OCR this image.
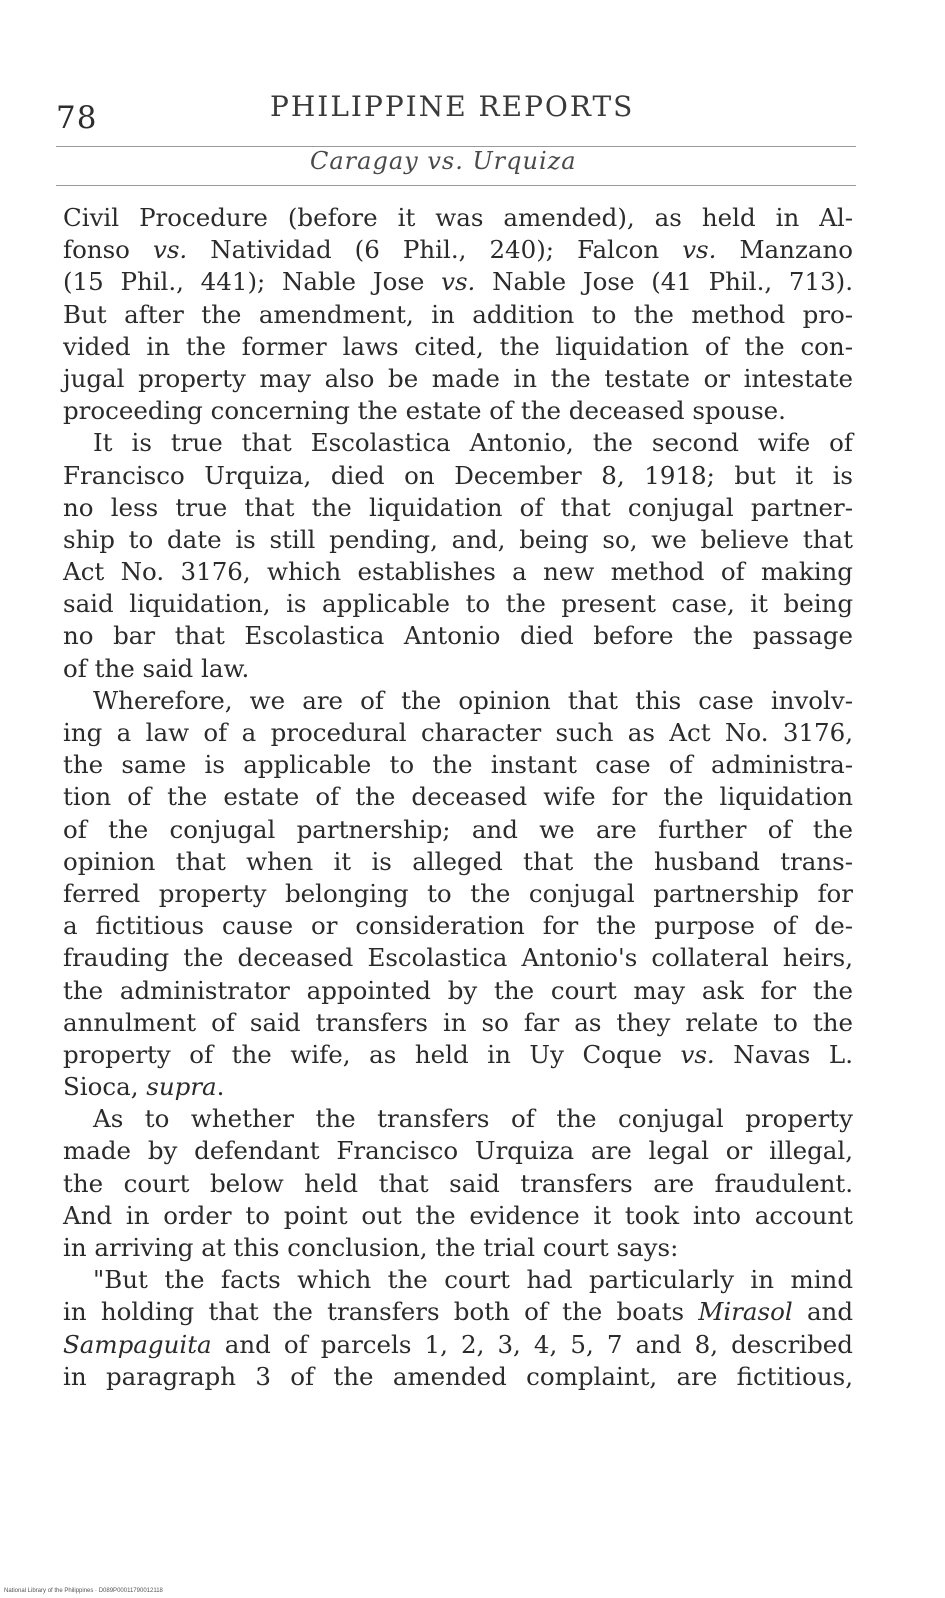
78	PHILIPPINE REPORTS
Caragay vs. Urquiza
Civil Procedure (before it was amended), as held in Al-
fonso vs. Natividad (6 Phil., 240); Falcon vs. Manzano
(15 Phil., 441); Nable Jose vs. Nable Jose (41 Phil., 713).
But after the amendment, in addition to the method pro-
vided in the former laws cited, the liquidation of the con-
jugal property may also be made in the testate or intestate
proceeding concerning the estate of the deceased spouse.
It is true that Escolastica Antonio, the second wife of
Francisco Urquiza, died on December 8, 1918; but it is
no less true that the liquidation of that conjugal partner-
ship to date is still pending, and, being so, we believe that
Act No. 3176, which establishes a new method of making
said liquidation, is applicable to the present case, it being
no bar that Escolastica Antonio died before the passage
of the said law.
Wherefore, we are of the opinion that this case involv-
ing a law of a procedural character such as Act No. 3176,
the same is applicable to the instant case of administra-
tion of the estate of the deceased wife for the liquidation
of the conjugal partnership; and we are further of the
opinion that when it is alleged that the husband trans-
ferred property belonging to the conjugal partnership for
a fictitious cause or consideration for the purpose of de-
frauding the deceased Escolastica Antonio's collateral heirs,
the administrator appointed by the court may ask for the
annulment of said transfers in so far as they relate to the
property of the wife, as held in Uy Coque vs. Navas L.
Sioca, supra.
As to whether the transfers of the conjugal property
made by defendant Francisco Urquiza are legal or illegal,
the court below held that said transfers are fraudulent.
And in order to point out the evidence it took into account
in arriving at this conclusion, the trial court says:
"But the facts which the court had particularly in mind
in holding that the transfers both of the boats Mirasol and
Sampaguita and of parcels 1, 2, 3, 4, 5, 7 and 8, described
in paragraph 3 of the amended complaint, are fictitious,
National Library of the Philippines · D089P00011790012118
